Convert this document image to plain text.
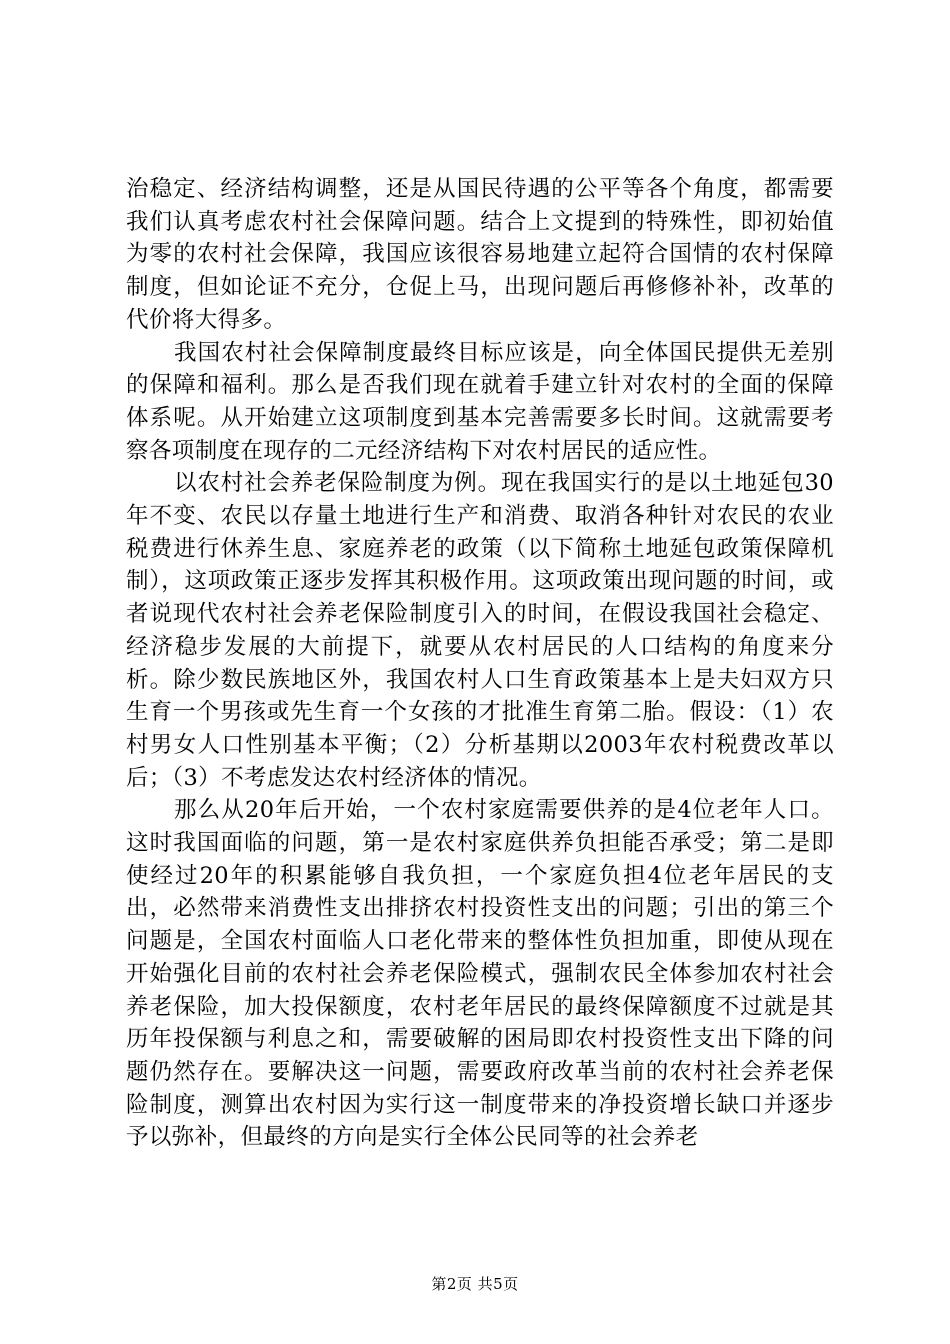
治稳定、经济结构调整，还是从国民待遇的公平等各个角度，都需要我们认真考虑农村社会保障问题。结合上文提到的特殊性，即初始值为零的农村社会保障，我国应该很容易地建立起符合国情的农村保障制度，但如论证不充分，仓促上马，出现问题后再修修补补，改革的代价将大得多。

我国农村社会保障制度最终目标应该是，向全体国民提供无差别的保障和福利。那么是否我们现在就着手建立针对农村的全面的保障体系呢。从开始建立这项制度到基本完善需要多长时间。这就需要考察各项制度在现存的二元经济结构下对农村居民的适应性。

以农村社会养老保险制度为例。现在我国实行的是以土地延包30年不变、农民以存量土地进行生产和消费、取消各种针对农民的农业税费进行休养生息、家庭养老的政策（以下简称土地延包政策保障机制），这项政策正逐步发挥其积极作用。这项政策出现问题的时间，或者说现代农村社会养老保险制度引入的时间，在假设我国社会稳定、经济稳步发展的大前提下，就要从农村居民的人口结构的角度来分析。除少数民族地区外，我国农村人口生育政策基本上是夫妇双方只生育一个男孩或先生育一个女孩的才批准生育第二胎。假设：（1）农村男女人口性别基本平衡；（2）分析基期以2003年农村税费改革以后；（3）不考虑发达农村经济体的情况。

那么从20年后开始，一个农村家庭需要供养的是4位老年人口。这时我国面临的问题，第一是农村家庭供养负担能否承受；第二是即使经过20年的积累能够自我负担，一个家庭负担4位老年居民的支出，必然带来消费性支出排挤农村投资性支出的问题；引出的第三个问题是，全国农村面临人口老化带来的整体性负担加重，即使从现在开始强化目前的农村社会养老保险模式，强制农民全体参加农村社会养老保险，加大投保额度，农村老年居民的最终保障额度不过就是其历年投保额与利息之和，需要破解的困局即农村投资性支出下降的问题仍然存在。要解决这一问题，需要政府改革当前的农村社会养老保险制度，测算出农村因为实行这一制度带来的净投资增长缺口并逐步予以弥补，但最终的方向是实行全体公民同等的社会养老

第2页 共5页
